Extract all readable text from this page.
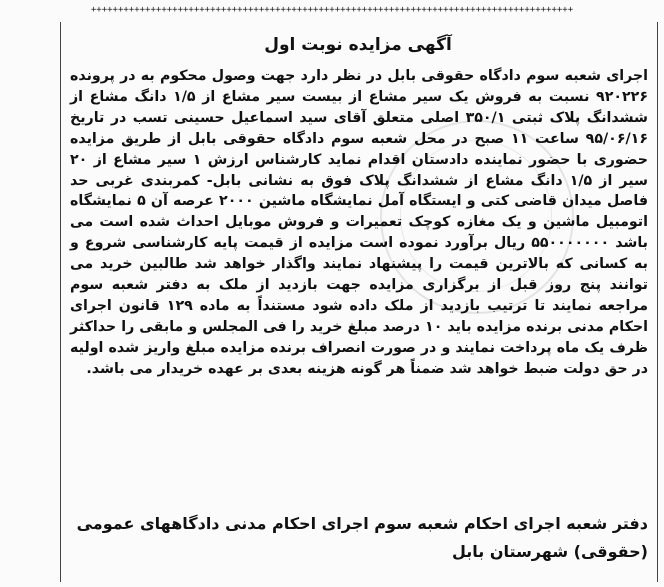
+++++++++++++++++++++++++++++++++++++++++++++++++++++++++++++++++++++++++++++++++++++++++
آگهی مزایده نوبت اول
اجرای شعبه سوم دادگاه حقوقی بابل در نظر دارد جهت وصول محکوم به در پرونده ۹۲۰۲۲۶ نسبت به فروش یک سیر مشاع از بیست سیر مشاع از ۱/۵ دانگ مشاع از ششدانگ پلاک ثبتی ۳۵۰/۱ اصلی متعلق آقای سید اسماعیل حسینی تسب در تاریخ ۹۵/۰۶/۱۶ ساعت ۱۱ صبح در محل شعبه سوم دادگاه حقوقی بابل از طریق مزایده حضوری با حضور نماینده دادستان اقدام نماید کارشناس ارزش ۱ سیر مشاع از ۲۰ سیر از ۱/۵ دانگ مشاع از ششدانگ پلاک فوق به نشانی بابل- کمربندی غربی حد فاصل میدان قاضی کتی و ایستگاه آمل نمایشگاه ماشین ۲۰۰۰ عرصه آن ۵ نمایشگاه اتومبیل ماشین و یک مغازه کوچک تعمیرات و فروش موبایل احداث شده است می باشد ۵۵۰۰۰۰۰۰۰ ریال برآورد نموده است مزایده از قیمت پایه کارشناسی شروع و به کسانی که بالاترین قیمت را پیشنهاد نمایند واگذار خواهد شد طالبین خرید می توانند پنج روز قبل از برگزاری مزایده جهت بازدید از ملک به دفتر شعبه سوم مراجعه نمایند تا ترتیب بازدید از ملک داده شود مستنداً به ماده ۱۲۹ قانون اجرای احکام مدنی برنده مزایده باید ۱۰ درصد مبلغ خرید را فی المجلس و مابقی را حداکثر ظرف یک ماه پرداخت نمایند و در صورت انصراف برنده مزایده مبلغ واریز شده اولیه در حق دولت ضبط خواهد شد ضمناً هر گونه هزینه بعدی بر عهده خریدار می باشد.
دفتر شعبه اجرای احکام شعبه سوم اجرای احکام مدنی دادگاههای عمومی (حقوقی) شهرستان بابل
